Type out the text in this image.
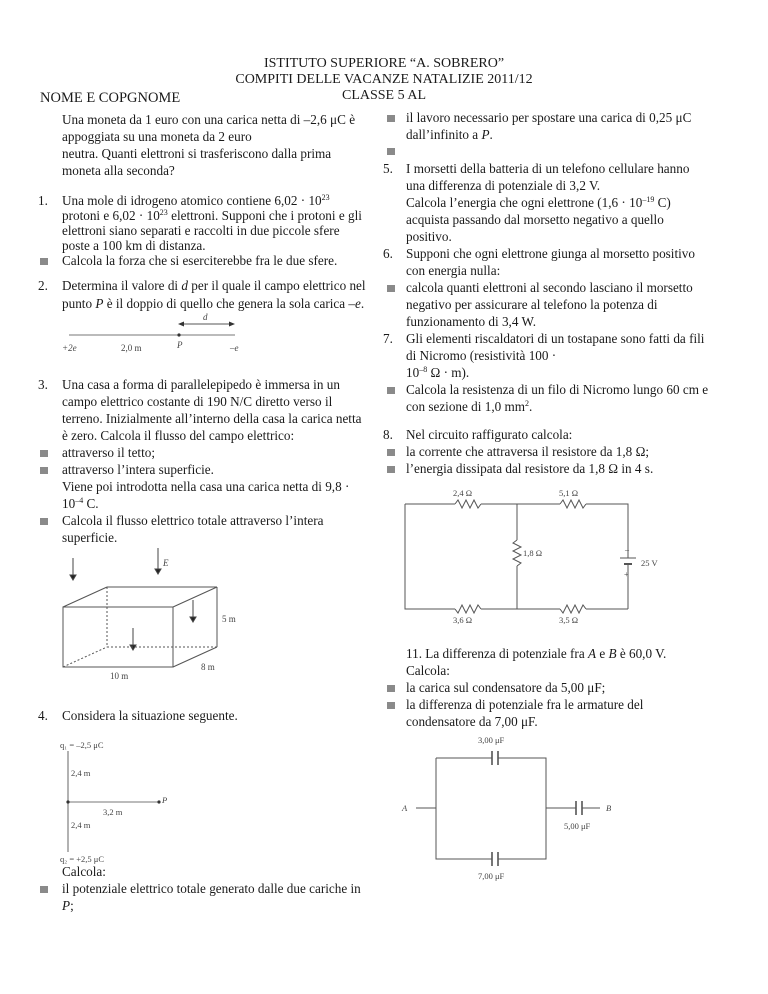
ISTITUTO SUPERIORE “A. SOBRERO”
COMPITI DELLE VACANZE NATALIZIE 2011/12
CLASSE 5 AL
NOME E COPGNOME
Una moneta da 1 euro con una carica netta di –2,6 μC è
appoggiata su una moneta da 2 euro
neutra. Quanti elettroni si trasferiscono dalla prima
moneta alla seconda?
1.	Una mole di idrogeno atomico contiene $6,02 \cdot 10^{23}$
protoni e $6,02 \cdot 10^{23}$ elettroni. Supponi che i protoni e gli
elettroni siano separati e raccolti in due piccole sfere
poste a 100 km di distanza.
Calcola la forza che si eserciterebbe fra le due sfere.
2.	Determina il valore di d per il quale il campo elettrico nel
punto P è il doppio di quello che genera la sola carica –e.
d
+2e	2,0 m	P	–e
3.	Una casa a forma di parallelepipedo è immersa in un
campo elettrico costante di 190 N/C diretto verso il
terreno. Inizialmente all’interno della casa la carica netta
è zero. Calcola il flusso del campo elettrico:
attraverso il tetto;
attraverso l’intera superficie.
Viene poi introdotta nella casa una carica netta di 9,8 ·
$10^{-4}$ C.
Calcola il flusso elettrico totale attraverso l’intera
superficie.
E
5 m
8 m
10 m
4.	Considera la situazione seguente.
q₁ = –2,5 μC
2,4 m
P
3,2 m
2,4 m
q₂ = +2,5 μC
Calcola:
il potenziale elettrico totale generato dalle due cariche in
P;
il lavoro necessario per spostare una carica di 0,25 μC
dall’infinito a P.
5. I morsetti della batteria di un telefono cellulare hanno
una differenza di potenziale di 3,2 V.
Calcola l’energia che ogni elettrone ($1,6 \cdot 10^{-19}$ C)
acquista passando dal morsetto negativo a quello
positivo.
6. Supponi che ogni elettrone giunga al morsetto positivo
con energia nulla:
calcola quanti elettroni al secondo lasciano il morsetto
negativo per assicurare al telefono la potenza di
funzionamento di 3,4 W.
7. Gli elementi riscaldatori di un tostapane sono fatti da fili
di Nicromo (resistività 100 ·
$10^{-8}$ Ω · m).
Calcola la resistenza di un filo di Nicromo lungo 60 cm e
con sezione di 1,0 $mm^2$.
8. Nel circuito raffigurato calcola:
la corrente che attraversa il resistore da 1,8 Ω;
l’energia dissipata dal resistore da 1,8 Ω in 4 s.
2,4 Ω	5,1 Ω
1,8 Ω
3,6 Ω	3,5 Ω
25 V
–
+
11. La differenza di potenziale fra A e B è 60,0 V.
Calcola:
la carica sul condensatore da 5,00 μF;
la differenza di potenziale fra le armature del
condensatore da 7,00 μF.
3,00 μF
A	B
5,00 μF
7,00 μF
